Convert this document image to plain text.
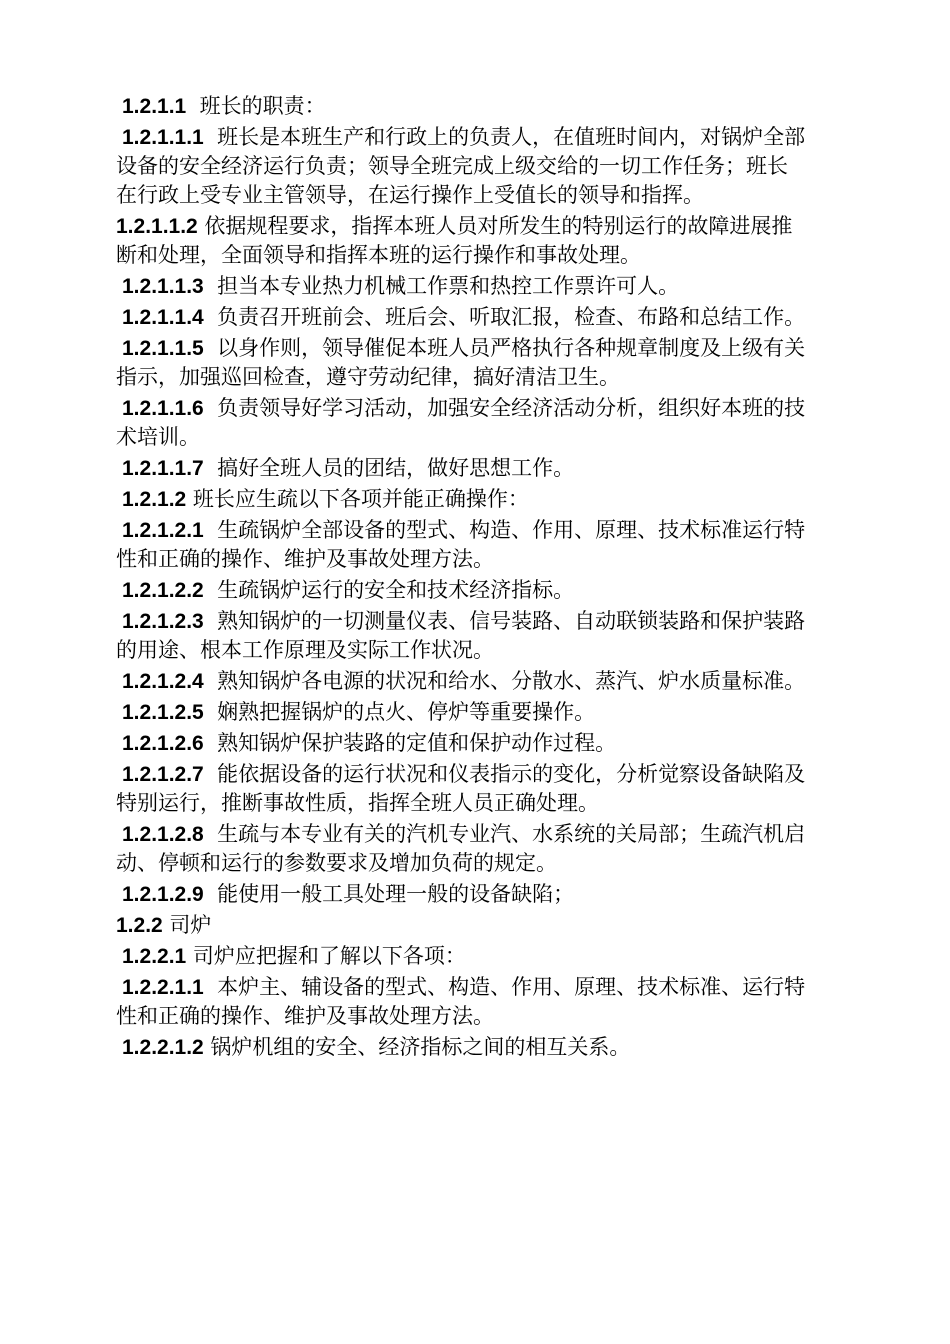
1.2.1.1 班长的职责：

1.2.1.1.1 班长是本班生产和行政上的负责人，在值班时间内，对锅炉全部设备的安全经济运行负责；领导全班完成上级交给的一切工作任务；班长在行政上受专业主管领导，在运行操作上受值长的领导和指挥。

1.2.1.1.2 依据规程要求，指挥本班人员对所发生的特别运行的故障进展推断和处理，全面领导和指挥本班的运行操作和事故处理。

1.2.1.1.3 担当本专业热力机械工作票和热控工作票许可人。

1.2.1.1.4 负责召开班前会、班后会、听取汇报，检查、布路和总结工作。

1.2.1.1.5 以身作则，领导催促本班人员严格执行各种规章制度及上级有关指示，加强巡回检查，遵守劳动纪律，搞好清洁卫生。

1.2.1.1.6 负责领导好学习活动，加强安全经济活动分析，组织好本班的技术培训。

1.2.1.1.7 搞好全班人员的团结，做好思想工作。

1.2.1.2 班长应生疏以下各项并能正确操作：

1.2.1.2.1 生疏锅炉全部设备的型式、构造、作用、原理、技术标准运行特性和正确的操作、维护及事故处理方法。

1.2.1.2.2 生疏锅炉运行的安全和技术经济指标。

1.2.1.2.3 熟知锅炉的一切测量仪表、信号装路、自动联锁装路和保护装路的用途、根本工作原理及实际工作状况。

1.2.1.2.4 熟知锅炉各电源的状况和给水、分散水、蒸汽、炉水质量标准。

1.2.1.2.5 娴熟把握锅炉的点火、停炉等重要操作。

1.2.1.2.6 熟知锅炉保护装路的定值和保护动作过程。

1.2.1.2.7 能依据设备的运行状况和仪表指示的变化，分析觉察设备缺陷及特别运行，推断事故性质，指挥全班人员正确处理。

1.2.1.2.8 生疏与本专业有关的汽机专业汽、水系统的关局部；生疏汽机启动、停顿和运行的参数要求及增加负荷的规定。

1.2.1.2.9 能使用一般工具处理一般的设备缺陷；

1.2.2 司炉

1.2.2.1 司炉应把握和了解以下各项：

1.2.2.1.1 本炉主、辅设备的型式、构造、作用、原理、技术标准、运行特性和正确的操作、维护及事故处理方法。

1.2.2.1.2 锅炉机组的安全、经济指标之间的相互关系。
